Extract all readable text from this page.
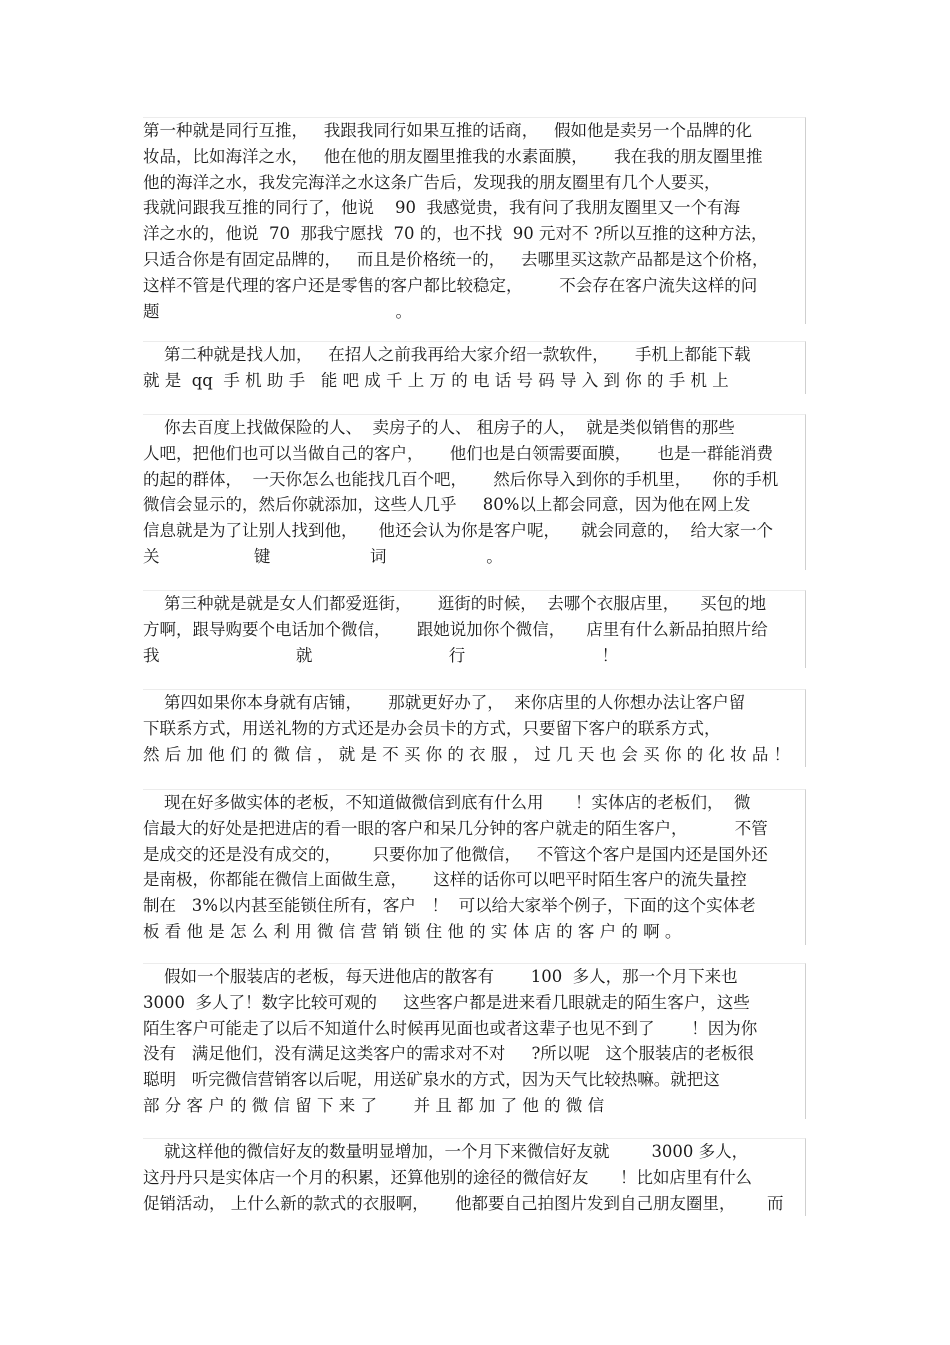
第一种就是同行互推，   我跟我同行如果互推的话商，   假如他是卖另一个品牌的化
妆品，比如海洋之水，   他在他的朋友圈里推我的水素面膜，     我在我的朋友圈里推
他的海洋之水，我发完海洋之水这条广告后，发现我的朋友圈里有几个人要买，
我就问跟我互推的同行了，他说    90  我感觉贵，我有问了我朋友圈里又一个有海
洋之水的，他说  70  那我宁愿找  70 的，也不找  90 元对不 ?所以互推的这种方法，
只适合你是有固定品牌的，   而且是价格统一的，   去哪里买这款产品都是这个价格，
这样不管是代理的客户还是零售的客户都比较稳定，       不会存在客户流失这样的问
题                                             。
第二种就是找人加，   在招人之前我再给大家介绍一款软件，     手机上都能下载
就 是  qq  手 机 助 手   能 吧 成 千 上 万 的 电 话 号 码 导 入 到 你 的 手 机 上
你去百度上找做保险的人、  卖房子的人、 租房子的人，  就是类似销售的那些
人吧，把他们也可以当做自己的客户，     他们也是白领需要面膜，     也是一群能消费
的起的群体，  一天你怎么也能找几百个吧，     然后你导入到你的手机里，    你的手机
微信会显示的，然后你就添加，这些人几乎     80%以上都会同意，因为他在网上发
信息就是为了让别人找到他，    他还会认为你是客户呢，    就会同意的，  给大家一个
关                  键                   词                   。
第三种就是就是女人们都爱逛街，     逛街的时候，  去哪个衣服店里，    买包的地
方啊，跟导购要个电话加个微信，     跟她说加你个微信，    店里有什么新品拍照片给
我                          就                          行                          ！
第四如果你本身就有店铺，     那就更好办了，  来你店里的人你想办法让客户留
下联系方式，用送礼物的方式还是办会员卡的方式，只要留下客户的联系方式，
然 后 加 他 们 的 微 信 ， 就 是 不 买 你 的 衣 服 ， 过 几 天 也 会 买 你 的 化 妆 品 ！
现在好多做实体的老板，不知道做微信到底有什么用      ！实体店的老板们，  微
信最大的好处是把进店的看一眼的客户和呆几分钟的客户就走的陌生客户，         不管
是成交的还是没有成交的，      只要你加了他微信，   不管这个客户是国内还是国外还
是南极，你都能在微信上面做生意，     这样的话你可以吧平时陌生客户的流失量控
制在   3%以内甚至能锁住所有，客户   ！  可以给大家举个例子，下面的这个实体老
板 看 他 是 怎 么 利 用 微 信 营 销 锁 住 他 的 实 体 店 的 客 户 的 啊 。
假如一个服装店的老板，每天进他店的散客有       100  多人，那一个月下来也
3000  多人了！数字比较可观的     这些客户都是进来看几眼就走的陌生客户，这些
陌生客户可能走了以后不知道什么时候再见面也或者这辈子也见不到了       ！因为你
没有   满足他们，没有满足这类客户的需求对不对     ?所以呢   这个服装店的老板很
聪明   听完微信营销客以后呢，用送矿泉水的方式，因为天气比较热嘛。就把这
部 分 客 户 的 微 信 留 下 来 了       并 且 都 加 了 他 的 微 信
就这样他的微信好友的数量明显增加，一个月下来微信好友就        3000 多人，
这丹丹只是实体店一个月的积累，还算他别的途径的微信好友      ！比如店里有什么
促销活动， 上什么新的款式的衣服啊，     他都要自己拍图片发到自己朋友圈里，      而
